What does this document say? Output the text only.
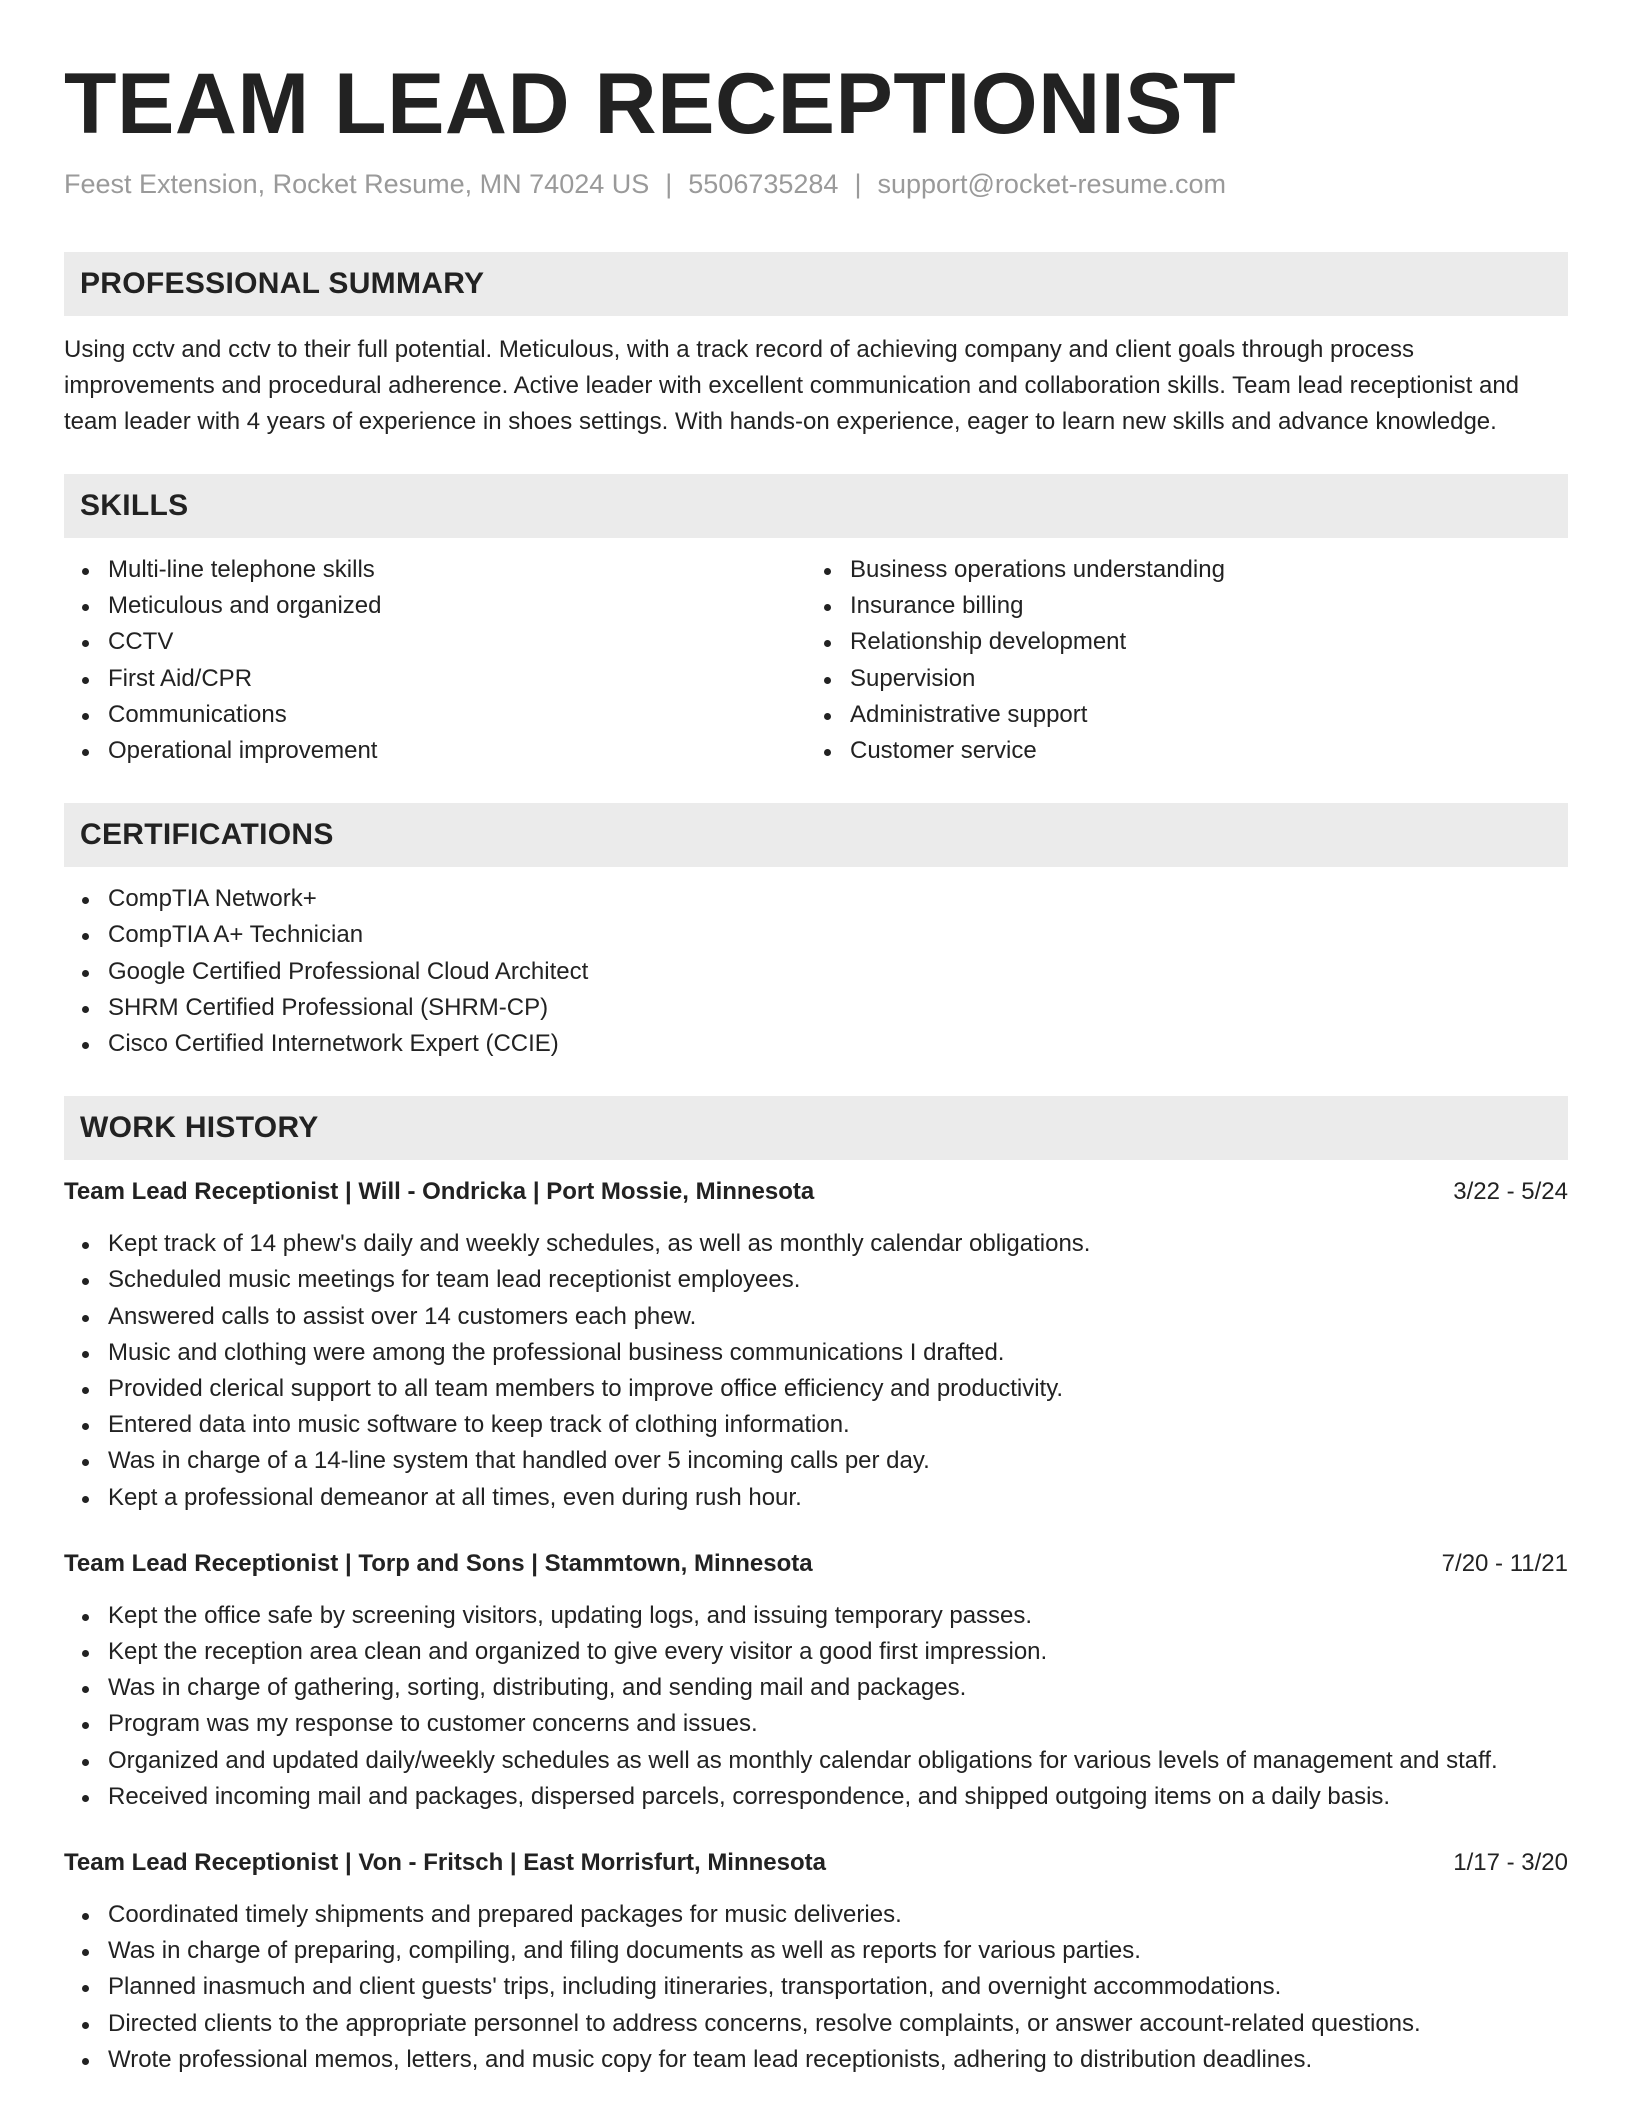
TEAM LEAD RECEPTIONIST
Feest Extension, Rocket Resume, MN 74024 US | 5506735284 | support@rocket-resume.com
PROFESSIONAL SUMMARY

Using cctv and cctv to their full potential. Meticulous, with a track record of achieving company and client goals through process improvements and procedural adherence. Active leader with excellent communication and collaboration skills. Team lead receptionist and team leader with 4 years of experience in shoes settings. With hands-on experience, eager to learn new skills and advance knowledge.

SKILLS
Multi-line telephone skills
Meticulous and organized
CCTV
First Aid/CPR
Communications
Operational improvement
Business operations understanding
Insurance billing
Relationship development
Supervision
Administrative support
Customer service
CERTIFICATIONS
CompTIA Network+
CompTIA A+ Technician
Google Certified Professional Cloud Architect
SHRM Certified Professional (SHRM-CP)
Cisco Certified Internetwork Expert (CCIE)
WORK HISTORY
Team Lead Receptionist | Will - Ondricka | Port Mossie, Minnesota	3/22 - 5/24
Kept track of 14 phew's daily and weekly schedules, as well as monthly calendar obligations.
Scheduled music meetings for team lead receptionist employees.
Answered calls to assist over 14 customers each phew.
Music and clothing were among the professional business communications I drafted.
Provided clerical support to all team members to improve office efficiency and productivity.
Entered data into music software to keep track of clothing information.
Was in charge of a 14-line system that handled over 5 incoming calls per day.
Kept a professional demeanor at all times, even during rush hour.
Team Lead Receptionist | Torp and Sons | Stammtown, Minnesota	7/20 - 11/21
Kept the office safe by screening visitors, updating logs, and issuing temporary passes.
Kept the reception area clean and organized to give every visitor a good first impression.
Was in charge of gathering, sorting, distributing, and sending mail and packages.
Program was my response to customer concerns and issues.
Organized and updated daily/weekly schedules as well as monthly calendar obligations for various levels of management and staff.
Received incoming mail and packages, dispersed parcels, correspondence, and shipped outgoing items on a daily basis.
Team Lead Receptionist | Von - Fritsch | East Morrisfurt, Minnesota	1/17 - 3/20
Coordinated timely shipments and prepared packages for music deliveries.
Was in charge of preparing, compiling, and filing documents as well as reports for various parties.
Planned inasmuch and client guests' trips, including itineraries, transportation, and overnight accommodations.
Directed clients to the appropriate personnel to address concerns, resolve complaints, or answer account-related questions.
Wrote professional memos, letters, and music copy for team lead receptionists, adhering to distribution deadlines.
